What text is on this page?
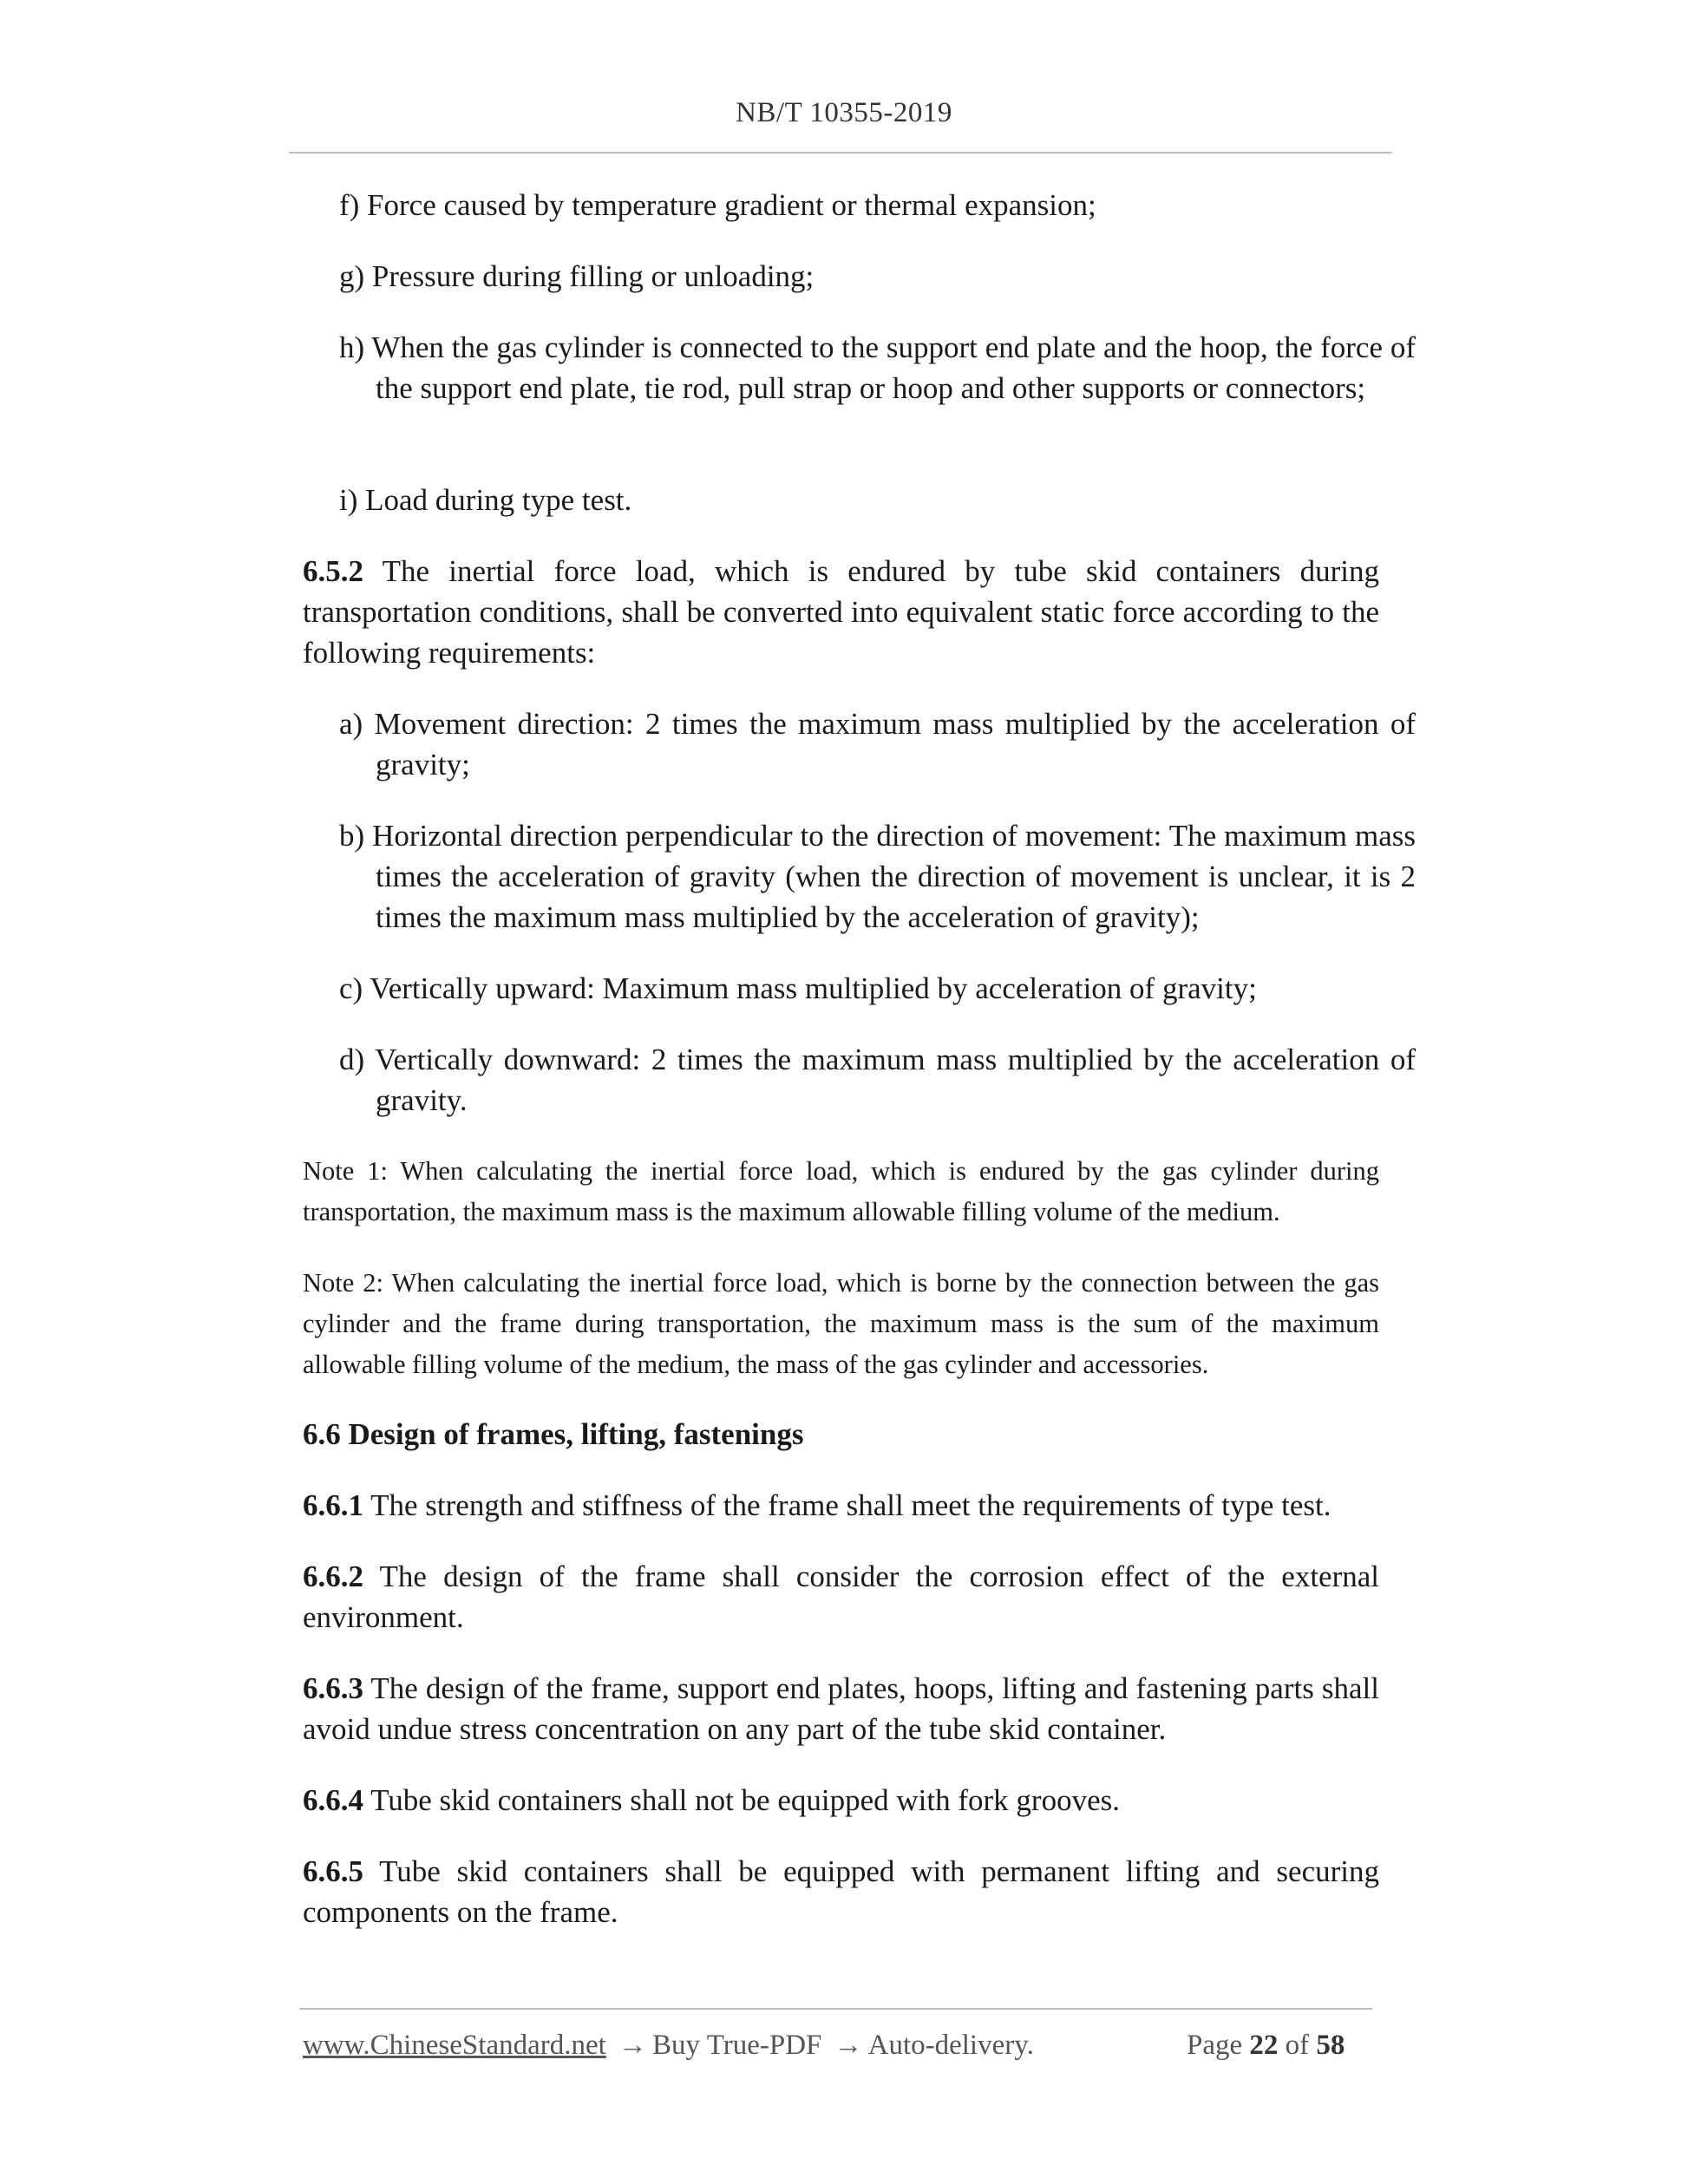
NB/T 10355-2019

f) Force caused by temperature gradient or thermal expansion;

g) Pressure during filling or unloading;

h) When the gas cylinder is connected to the support end plate and the hoop, the force of the support end plate, tie rod, pull strap or hoop and other supports or connectors;

i) Load during type test.

6.5.2 The inertial force load, which is endured by tube skid containers during transportation conditions, shall be converted into equivalent static force according to the following requirements:

a) Movement direction: 2 times the maximum mass multiplied by the acceleration of gravity;

b) Horizontal direction perpendicular to the direction of movement: The maximum mass times the acceleration of gravity (when the direction of movement is unclear, it is 2 times the maximum mass multiplied by the acceleration of gravity);

c) Vertically upward: Maximum mass multiplied by acceleration of gravity;

d) Vertically downward: 2 times the maximum mass multiplied by the acceleration of gravity.

Note 1: When calculating the inertial force load, which is endured by the gas cylinder during transportation, the maximum mass is the maximum allowable filling volume of the medium.

Note 2: When calculating the inertial force load, which is borne by the connection between the gas cylinder and the frame during transportation, the maximum mass is the sum of the maximum allowable filling volume of the medium, the mass of the gas cylinder and accessories.

6.6 Design of frames, lifting, fastenings

6.6.1 The strength and stiffness of the frame shall meet the requirements of type test.

6.6.2 The design of the frame shall consider the corrosion effect of the external environment.

6.6.3 The design of the frame, support end plates, hoops, lifting and fastening parts shall avoid undue stress concentration on any part of the tube skid container.

6.6.4 Tube skid containers shall not be equipped with fork grooves.

6.6.5 Tube skid containers shall be equipped with permanent lifting and securing components on the frame.

www.ChineseStandard.net → Buy True-PDF → Auto-delivery.	Page 22 of 58
